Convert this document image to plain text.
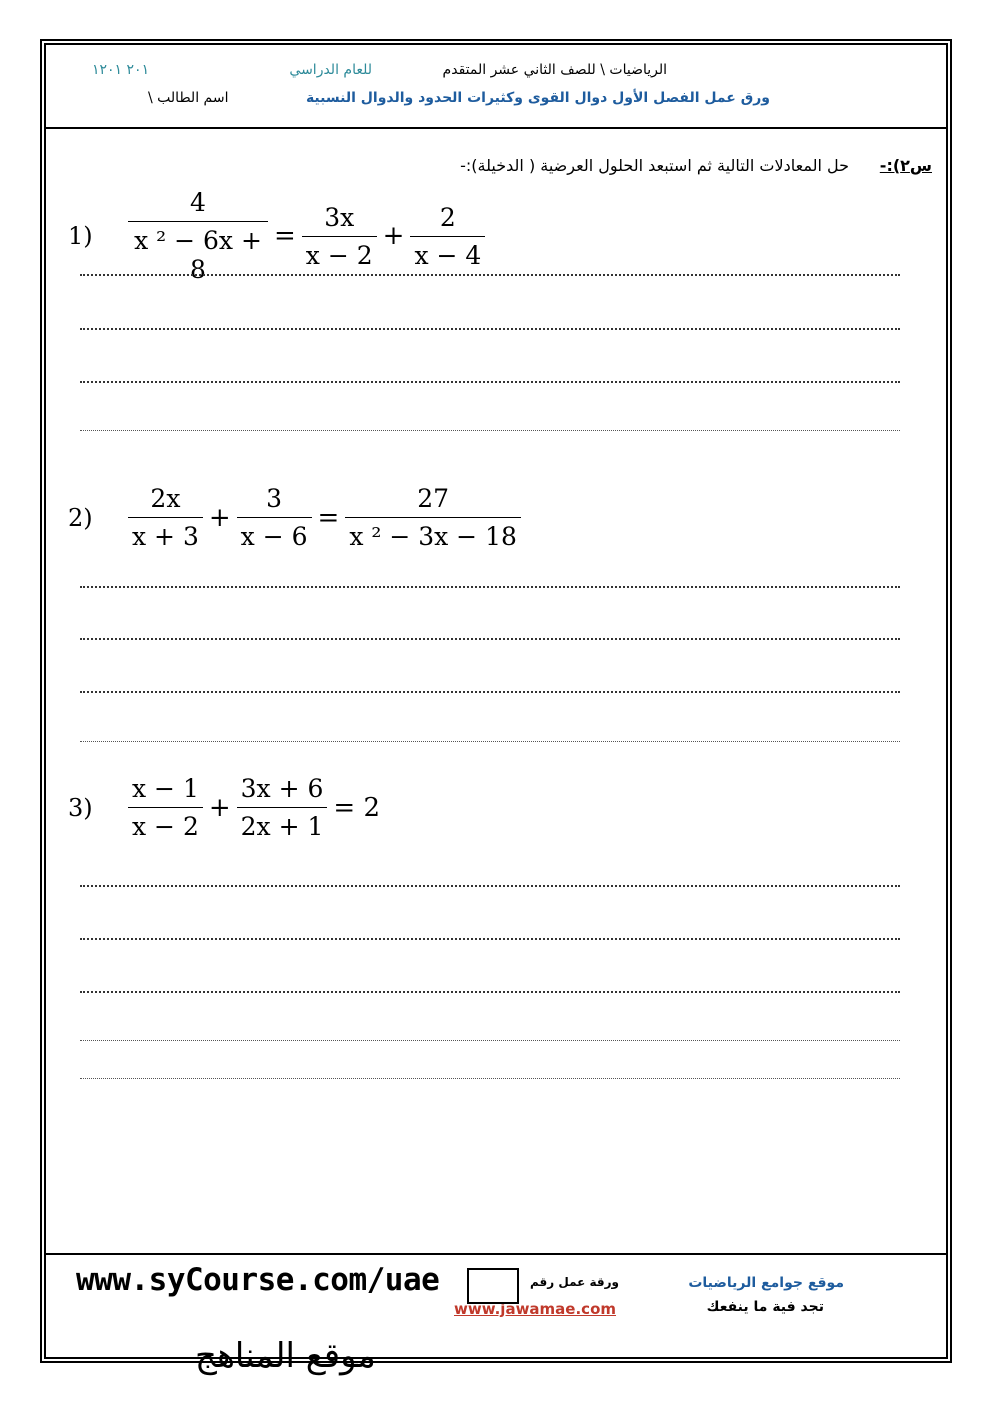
الرياضيات \ للصف الثاني عشر المتقدم
للعام الدراسي
٢٠١ ١٢٠١
ورق عمل الفصل الأول دوال القوى وكثيرات الحدود والدوال النسبية
اسم الطالب \
س٢):-
حل المعادلات التالية ثم استبعد الحلول العرضية ( الدخيلة):-
1)	$\frac{4}{\text{x ² − 6x + 8}} = \frac{3x}{x - 2} + \frac{2}{x - 4}$
2)	$\frac{2x}{x + 3} + \frac{3}{x - 6} = \frac{27}{\text{x ² − 3x − 18}}$
3)	$\frac{x - 1}{x - 2} + \frac{3x + 6}{2x + 1} = 2$
موقع جوامع الرياضيات
تجد فية ما ينفعك
ورقة عمل رقم
www.jawamae.com
www.syCourse.com/uae
موقع المناهج
